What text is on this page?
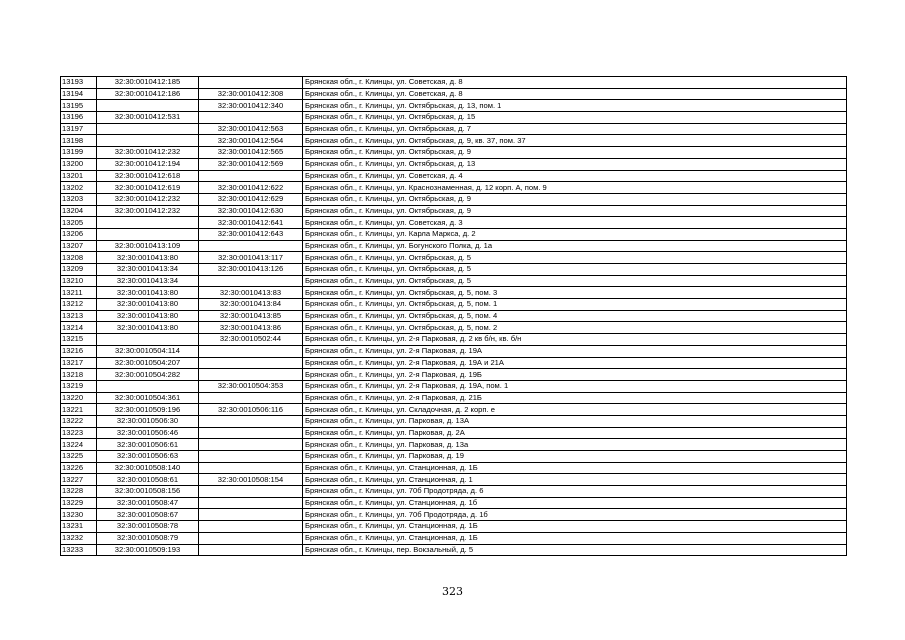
13193	32:30:0010412:185		Брянская обл., г. Клинцы, ул. Советская, д. 8
13194	32:30:0010412:186	32:30:0010412:308	Брянская обл., г. Клинцы, ул. Советская, д. 8
13195		32:30:0010412:340	Брянская обл., г. Клинцы, ул. Октябрьская, д. 13, пом. 1
13196	32:30:0010412:531		Брянская обл., г. Клинцы, ул. Октябрьская, д. 15
13197		32:30:0010412:563	Брянская обл., г. Клинцы, ул. Октябрьская, д. 7
13198		32:30:0010412:564	Брянская обл., г. Клинцы, ул. Октябрьская, д. 9, кв. 37, пом. 37
13199	32:30:0010412:232	32:30:0010412:565	Брянская обл., г. Клинцы, ул. Октябрьская, д. 9
13200	32:30:0010412:194	32:30:0010412:569	Брянская обл., г. Клинцы, ул. Октябрьская, д. 13
13201	32:30:0010412:618		Брянская обл., г. Клинцы, ул. Советская, д. 4
13202	32:30:0010412:619	32:30:0010412:622	Брянская обл., г. Клинцы, ул. Краснознаменная, д. 12 корп. А, пом. 9
13203	32:30:0010412:232	32:30:0010412:629	Брянская обл., г. Клинцы, ул. Октябрьская, д. 9
13204	32:30:0010412:232	32:30:0010412:630	Брянская обл., г. Клинцы, ул. Октябрьская, д. 9
13205		32:30:0010412:641	Брянская обл., г. Клинцы, ул. Советская, д. 3
13206		32:30:0010412:643	Брянская обл., г. Клинцы, ул. Карла Маркса, д. 2
13207	32:30:0010413:109		Брянская обл., г. Клинцы, ул. Богунского Полка, д. 1а
13208	32:30:0010413:80	32:30:0010413:117	Брянская обл., г. Клинцы, ул. Октябрьская, д. 5
13209	32:30:0010413:34	32:30:0010413:126	Брянская обл., г. Клинцы, ул. Октябрьская, д. 5
13210	32:30:0010413:34		Брянская обл., г. Клинцы, ул. Октябрьская, д. 5
13211	32:30:0010413:80	32:30:0010413:83	Брянская обл., г. Клинцы, ул. Октябрьская, д. 5, пом. 3
13212	32:30:0010413:80	32:30:0010413:84	Брянская обл., г. Клинцы, ул. Октябрьская, д. 5, пом. 1
13213	32:30:0010413:80	32:30:0010413:85	Брянская обл., г. Клинцы, ул. Октябрьская, д. 5, пом. 4
13214	32:30:0010413:80	32:30:0010413:86	Брянская обл., г. Клинцы, ул. Октябрьская, д. 5, пом. 2
13215		32:30:0010502:44	Брянская обл., г. Клинцы, ул. 2-я Парковая, д. 2 кв б/н, кв. б/н
13216	32:30:0010504:114		Брянская обл., г. Клинцы, ул. 2-я Парковая, д. 19А
13217	32:30:0010504:207		Брянская обл., г. Клинцы, ул. 2-я Парковая, д. 19А и 21А
13218	32:30:0010504:282		Брянская обл., г. Клинцы, ул. 2-я Парковая, д. 19Б
13219		32:30:0010504:353	Брянская обл., г. Клинцы, ул. 2-я Парковая, д. 19А, пом. 1
13220	32:30:0010504:361		Брянская обл., г. Клинцы, ул. 2-я Парковая, д. 21Б
13221	32:30:0010509:196	32:30:0010506:116	Брянская обл., г. Клинцы, ул. Складочная, д. 2 корп. е
13222	32:30:0010506:30		Брянская обл., г. Клинцы, ул. Парковая, д. 13А
13223	32:30:0010506:46		Брянская обл., г. Клинцы, ул. Парковая, д. 2А
13224	32:30:0010506:61		Брянская обл., г. Клинцы, ул. Парковая, д. 13а
13225	32:30:0010506:63		Брянская обл., г. Клинцы, ул. Парковая, д. 19
13226	32:30:0010508:140		Брянская обл., г. Клинцы, ул. Станционная, д. 1Б
13227	32:30:0010508:61	32:30:0010508:154	Брянская обл., г. Клинцы, ул. Станционная, д. 1
13228	32:30:0010508:156		Брянская обл., г. Клинцы, ул. 70б Продотряда, д. 6
13229	32:30:0010508:47		Брянская обл., г. Клинцы, ул. Станционная, д. 1б
13230	32:30:0010508:67		Брянская обл., г. Клинцы, ул. 70б Продотряда, д. 1б
13231	32:30:0010508:78		Брянская обл., г. Клинцы, ул. Станционная, д. 1Б
13232	32:30:0010508:79		Брянская обл., г. Клинцы, ул. Станционная, д. 1Б
13233	32:30:0010509:193		Брянская обл., г. Клинцы, пер. Вокзальный, д. 5
323
